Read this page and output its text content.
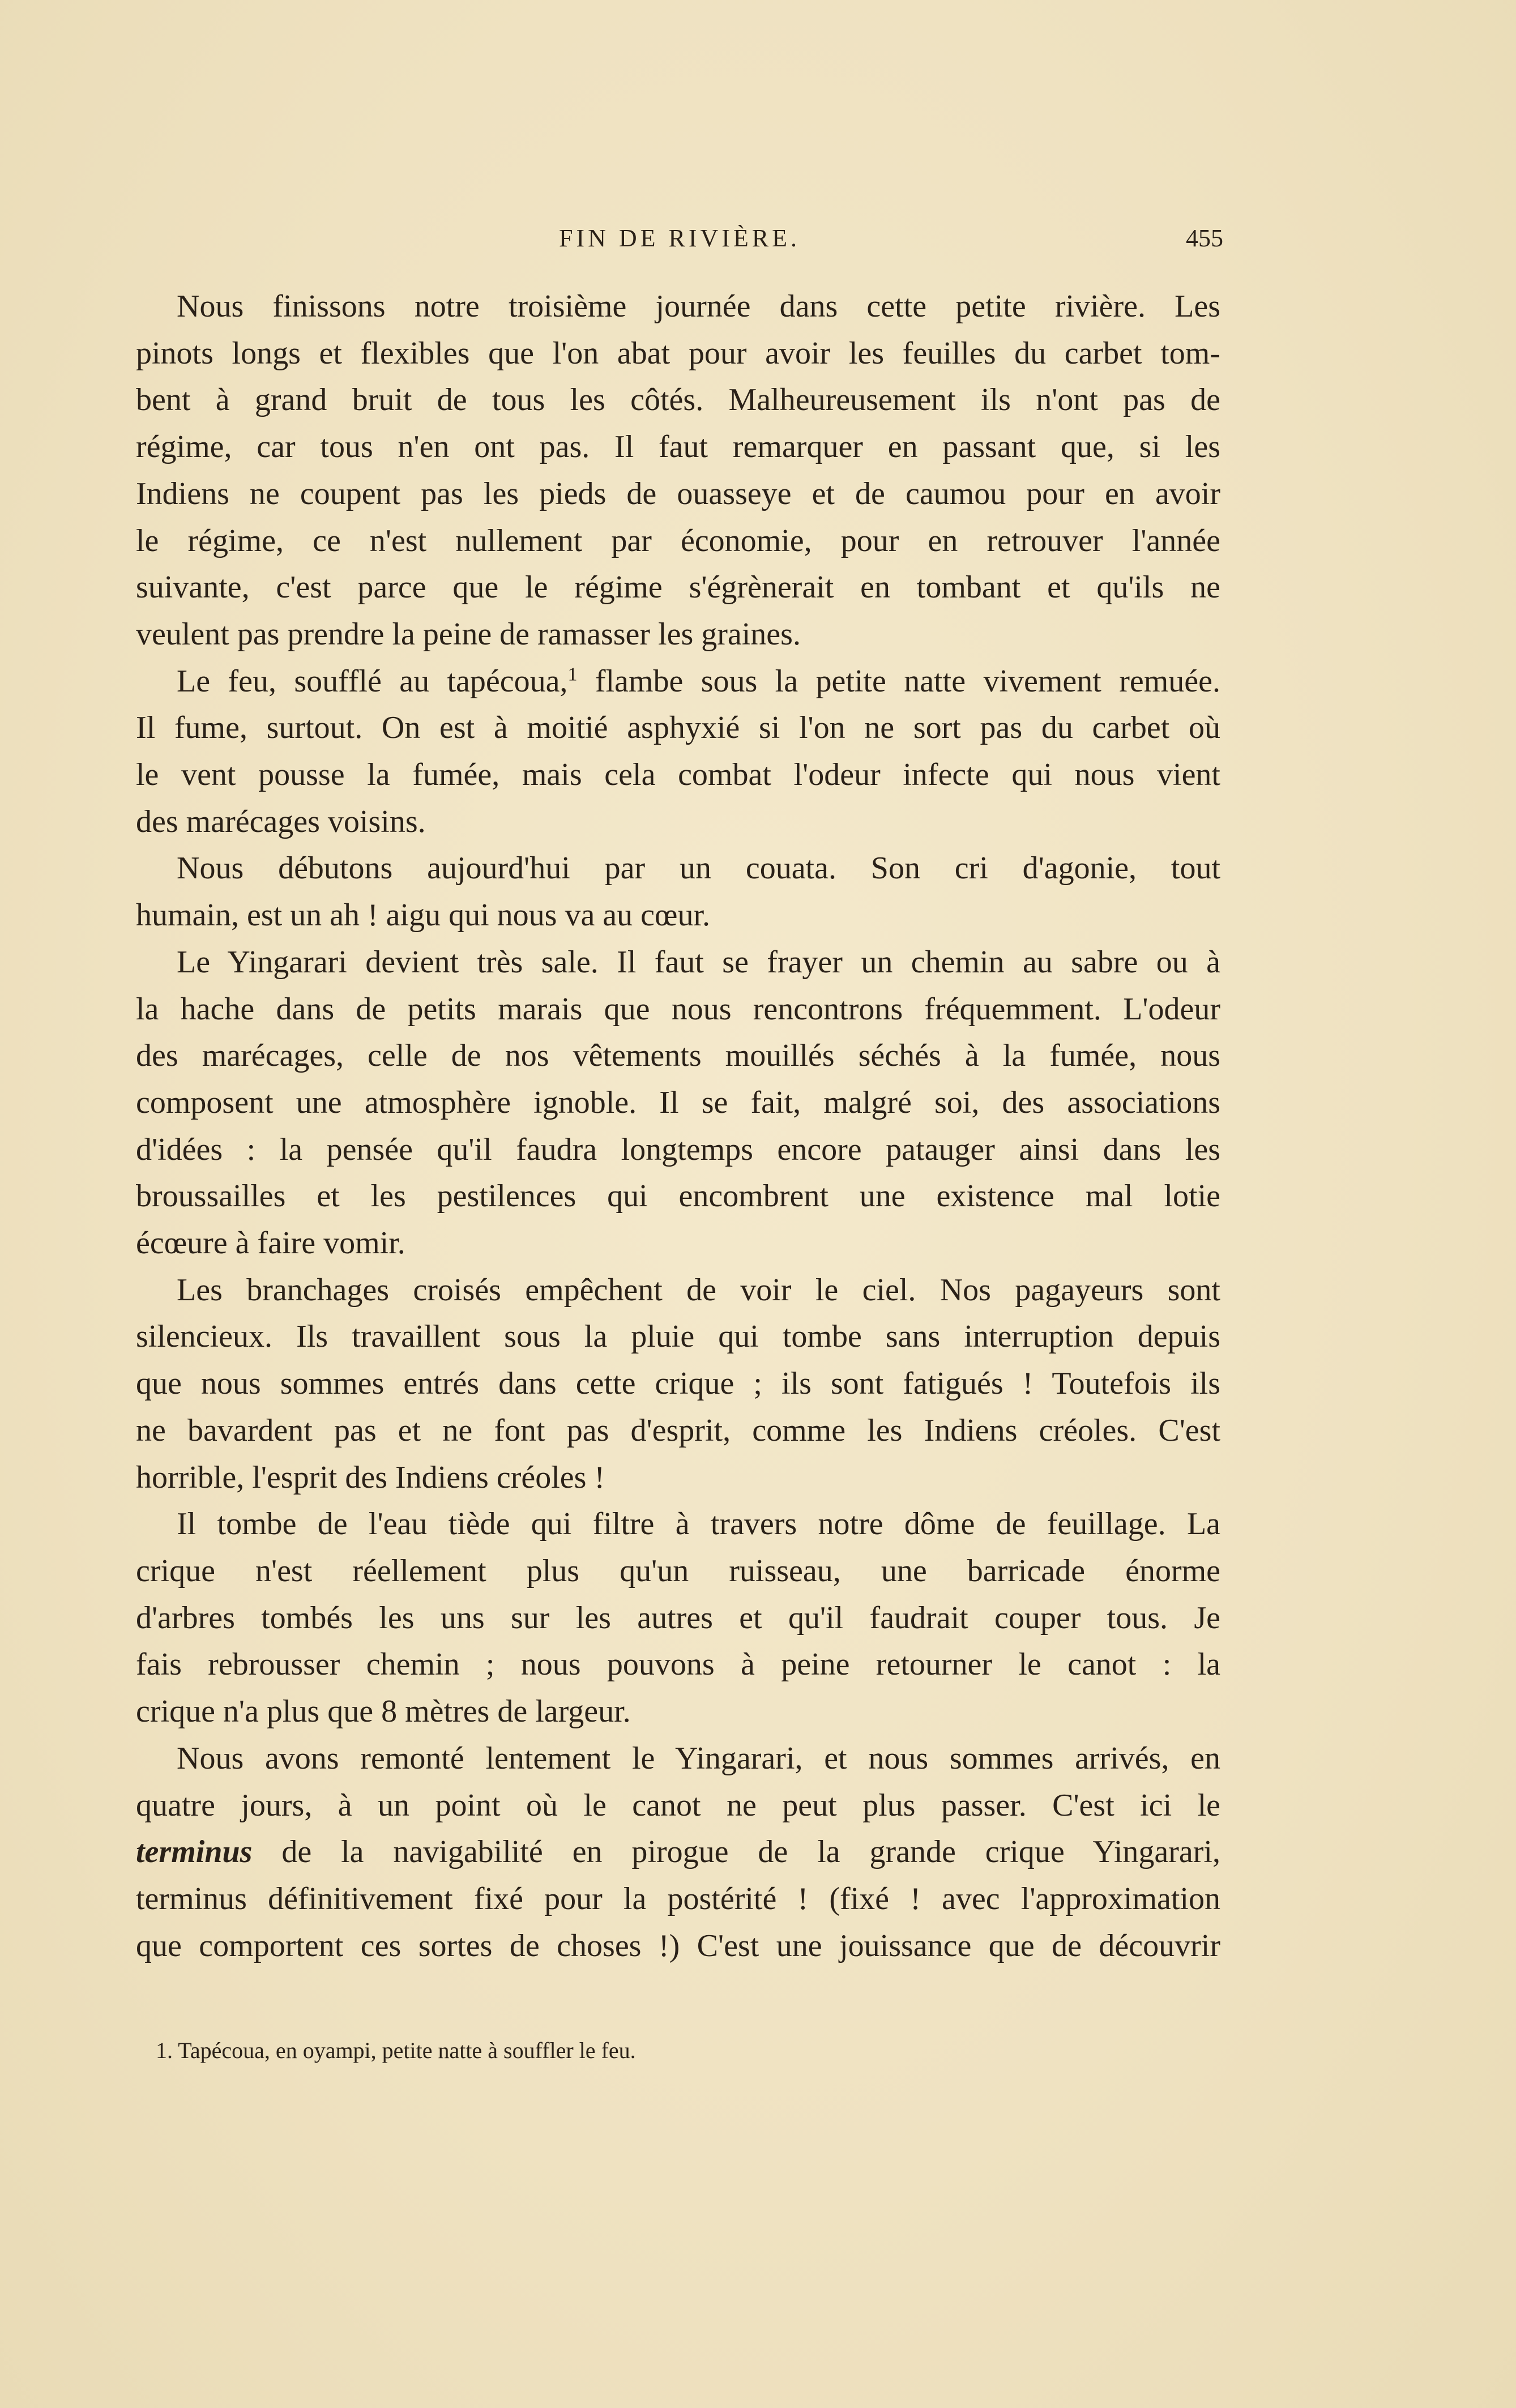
FIN DE RIVIÈRE.	455

Nous finissons notre troisième journée dans cette petite rivière. Les
pinots longs et flexibles que l'on abat pour avoir les feuilles du carbet tom-
bent à grand bruit de tous les côtés. Malheureusement ils n'ont pas de
régime, car tous n'en ont pas. Il faut remarquer en passant que, si les
Indiens ne coupent pas les pieds de ouasseye et de caumou pour en avoir
le régime, ce n'est nullement par économie, pour en retrouver l'année
suivante, c'est parce que le régime s'égrènerait en tombant et qu'ils ne
veulent pas prendre la peine de ramasser les graines.

Le feu, soufflé au tapécoua,$^1$ flambe sous la petite natte vivement remuée.
Il fume, surtout. On est à moitié asphyxié si l'on ne sort pas du carbet où
le vent pousse la fumée, mais cela combat l'odeur infecte qui nous vient
des marécages voisins.

Nous débutons aujourd'hui par un couata. Son cri d'agonie, tout
humain, est un ah ! aigu qui nous va au cœur.

Le Yingarari devient très sale. Il faut se frayer un chemin au sabre ou à
la hache dans de petits marais que nous rencontrons fréquemment. L'odeur
des marécages, celle de nos vêtements mouillés séchés à la fumée, nous
composent une atmosphère ignoble. Il se fait, malgré soi, des associations
d'idées : la pensée qu'il faudra longtemps encore patauger ainsi dans les
broussailles et les pestilences qui encombrent une existence mal lotie
écœure à faire vomir.

Les branchages croisés empêchent de voir le ciel. Nos pagayeurs sont
silencieux. Ils travaillent sous la pluie qui tombe sans interruption depuis
que nous sommes entrés dans cette crique ; ils sont fatigués ! Toutefois ils
ne bavardent pas et ne font pas d'esprit, comme les Indiens créoles. C'est
horrible, l'esprit des Indiens créoles !

Il tombe de l'eau tiède qui filtre à travers notre dôme de feuillage. La
crique n'est réellement plus qu'un ruisseau, une barricade énorme
d'arbres tombés les uns sur les autres et qu'il faudrait couper tous. Je
fais rebrousser chemin ; nous pouvons à peine retourner le canot : la
crique n'a plus que 8 mètres de largeur.

Nous avons remonté lentement le Yingarari, et nous sommes arrivés, en
quatre jours, à un point où le canot ne peut plus passer. C'est ici le
terminus de la navigabilité en pirogue de la grande crique Yingarari,
terminus définitivement fixé pour la postérité ! (fixé ! avec l'approximation
que comportent ces sortes de choses !) C'est une jouissance que de découvrir

1. Tapécoua, en oyampi, petite natte à souffler le feu.
